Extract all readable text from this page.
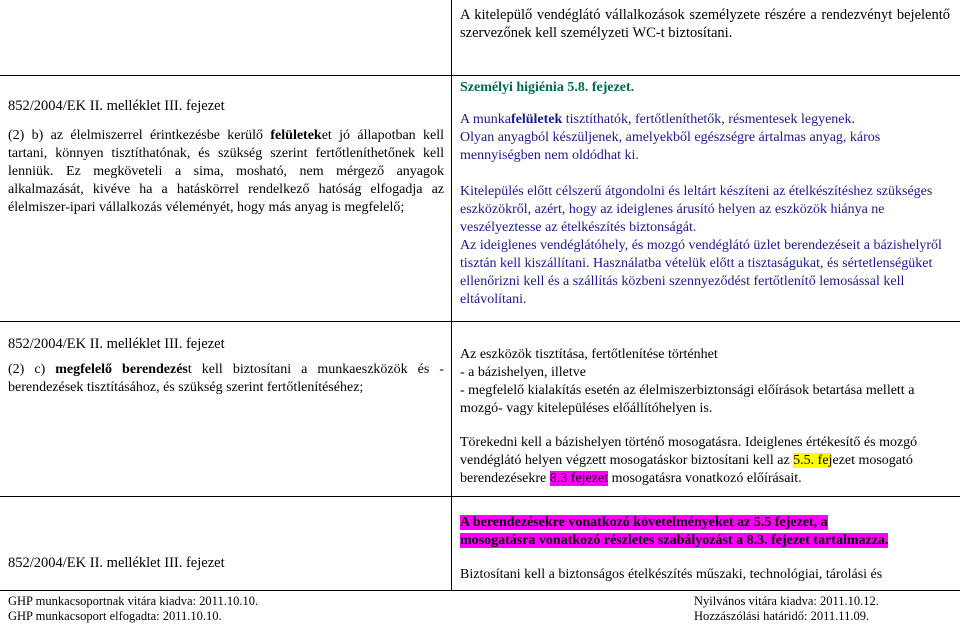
A kitelepülő vendéglátó vállalkozások személyzete részére a rendezvényt bejelentő szervezőnek kell személyzeti WC-t biztosítani.

852/2004/EK II. melléklet III. fejezet

(2) b) az élelmiszerrel érintkezésbe kerülő felületeket jó állapotban kell tartani, könnyen tisztíthatónak, és szükség szerint fertőtleníthetőnek kell lenniük. Ez megköveteli a sima, mosható, nem mérgező anyagok alkalmazását, kivéve ha a hatáskörrel rendelkező hatóság elfogadja az élelmiszer-ipari vállalkozás véleményét, hogy más anyag is megfelelő;

Személyi higiénia 5.8. fejezet.

A munkafelületek tisztíthatók, fertőtleníthetők, résmentesek legyenek.

Olyan anyagból készüljenek, amelyekből egészségre ártalmas anyag, káros mennyiségben nem oldódhat ki.

Kitelepülés előtt célszerű átgondolni és leltárt készíteni az ételkészítéshez szükséges eszközökről, azért, hogy az ideiglenes árusító helyen az eszközök hiánya ne veszélyeztesse az ételkészítés biztonságát.

Az ideiglenes vendéglátóhely, és mozgó vendéglátó üzlet berendezéseit a bázishelyről tisztán kell kiszállítani. Használatba vételük előtt a tisztaságukat, és sértetlenségüket ellenőrizni kell és a szállítás közbeni szennyeződést fertőtlenítő lemosással kell eltávolítani.

852/2004/EK II. melléklet III. fejezet

(2) c) megfelelő berendezést kell biztosítani a munkaeszközök és -berendezések tisztításához, és szükség szerint fertőtlenítéséhez;

Az eszközök tisztítása, fertőtlenítése történhet

- a bázishelyen, illetve

- megfelelő kialakítás esetén az élelmiszerbiztonsági előírások betartása mellett a mozgó- vagy kitelepüléses előállítóhelyen is.

Törekedni kell a bázishelyen történő mosogatásra. Ideiglenes értékesítő és mozgó vendéglátó helyen végzett mosogatáskor biztosítani kell az 5.5. fejezet mosogató berendezésekre 8.3 fejezet mosogatásra vonatkozó előírásait.

A berendezésekre vonatkozó követelményeket az 5.5 fejezet, a

mosogatásra vonatkozó részletes szabályozást a 8.3. fejezet tartalmazza.

852/2004/EK II. melléklet III. fejezet

Biztosítani kell a biztonságos ételkészítés műszaki, technológiai, tárolási és

GHP munkacsoportnak vitára kiadva: 2011.10.10.
GHP munkacsoport elfogadta: 2011.10.10.
Nyilvános vitára kiadva: 2011.10.12.
Hozzászólási határidő: 2011.11.09.
